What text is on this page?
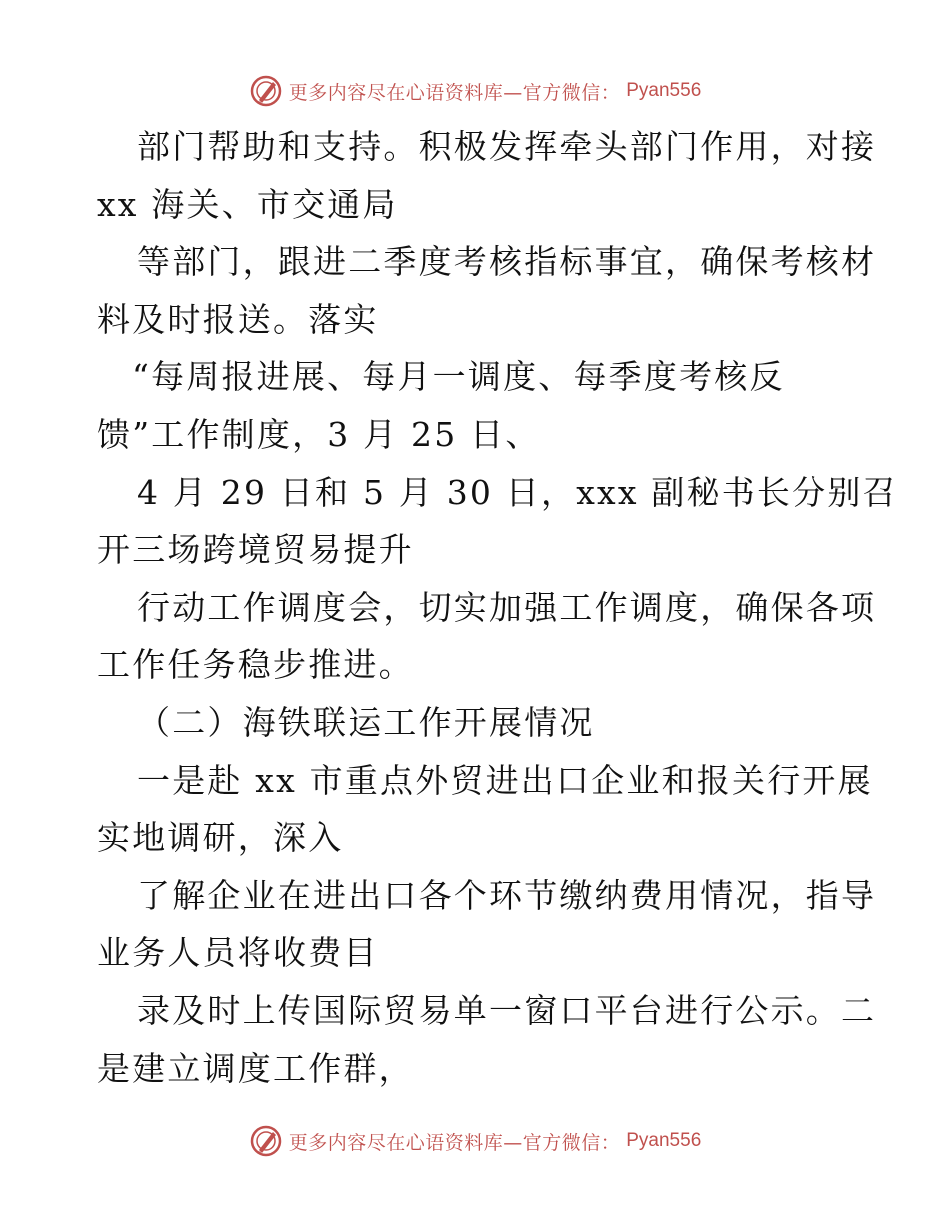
更多内容尽在心语资料库—官方微信： Pyan556
部门帮助和支持。积极发挥牵头部门作用，对接
xx 海关、市交通局
等部门，跟进二季度考核指标事宜，确保考核材
料及时报送。落实
“每周报进展、每月一调度、每季度考核反
馈”工作制度，3 月 25 日、
4 月 29 日和 5 月 30 日，xxx 副秘书长分别召
开三场跨境贸易提升
行动工作调度会，切实加强工作调度，确保各项
工作任务稳步推进。
（二）海铁联运工作开展情况
一是赴 xx 市重点外贸进出口企业和报关行开展
实地调研，深入
了解企业在进出口各个环节缴纳费用情况，指导
业务人员将收费目
录及时上传国际贸易单一窗口平台进行公示。二
是建立调度工作群，
更多内容尽在心语资料库—官方微信： Pyan556
